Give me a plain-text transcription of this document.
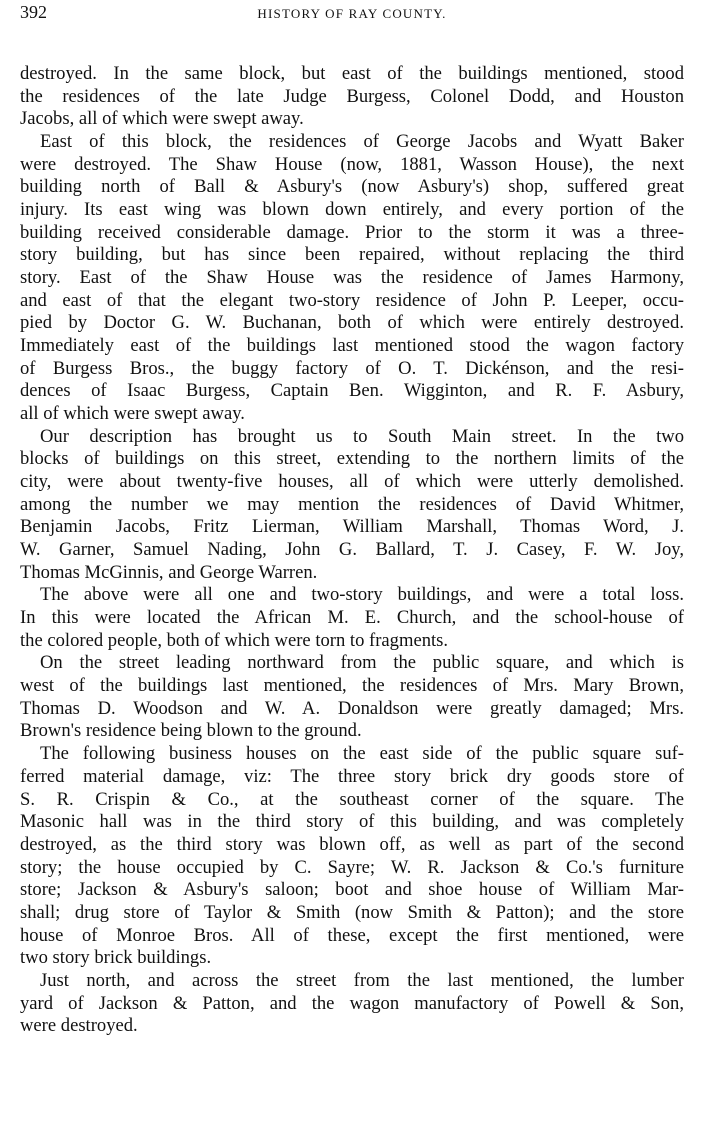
392	HISTORY OF RAY COUNTY.
destroyed. In the same block, but east of the buildings mentioned, stood
the residences of the late Judge Burgess, Colonel Dodd, and Houston
Jacobs, all of which were swept away.
East of this block, the residences of George Jacobs and Wyatt Baker
were destroyed. The Shaw House (now, 1881, Wasson House), the next
building north of Ball & Asbury's (now Asbury's) shop, suffered great
injury. Its east wing was blown down entirely, and every portion of the
building received considerable damage. Prior to the storm it was a three-
story building, but has since been repaired, without replacing the third
story. East of the Shaw House was the residence of James Harmony,
and east of that the elegant two-story residence of John P. Leeper, occu-
pied by Doctor G. W. Buchanan, both of which were entirely destroyed.
Immediately east of the buildings last mentioned stood the wagon factory
of Burgess Bros., the buggy factory of O. T. Dickénson, and the resi-
dences of Isaac Burgess, Captain Ben. Wigginton, and R. F. Asbury,
all of which were swept away.
Our description has brought us to South Main street. In the two
blocks of buildings on this street, extending to the northern limits of the
city, were about twenty-five houses, all of which were utterly demolished.
among the number we may mention the residences of David Whitmer,
Benjamin Jacobs, Fritz Lierman, William Marshall, Thomas Word, J.
W. Garner, Samuel Nading, John G. Ballard, T. J. Casey, F. W. Joy,
Thomas McGinnis, and George Warren.
The above were all one and two-story buildings, and were a total loss.
In this were located the African M. E. Church, and the school-house of
the colored people, both of which were torn to fragments.
On the street leading northward from the public square, and which is
west of the buildings last mentioned, the residences of Mrs. Mary Brown,
Thomas D. Woodson and W. A. Donaldson were greatly damaged; Mrs.
Brown's residence being blown to the ground.
The following business houses on the east side of the public square suf-
ferred material damage, viz: The three story brick dry goods store of
S. R. Crispin & Co., at the southeast corner of the square. The
Masonic hall was in the third story of this building, and was completely
destroyed, as the third story was blown off, as well as part of the second
story; the house occupied by C. Sayre; W. R. Jackson & Co.'s furniture
store; Jackson & Asbury's saloon; boot and shoe house of William Mar-
shall; drug store of Taylor & Smith (now Smith & Patton); and the store
house of Monroe Bros. All of these, except the first mentioned, were
two story brick buildings.
Just north, and across the street from the last mentioned, the lumber
yard of Jackson & Patton, and the wagon manufactory of Powell & Son,
were destroyed.
